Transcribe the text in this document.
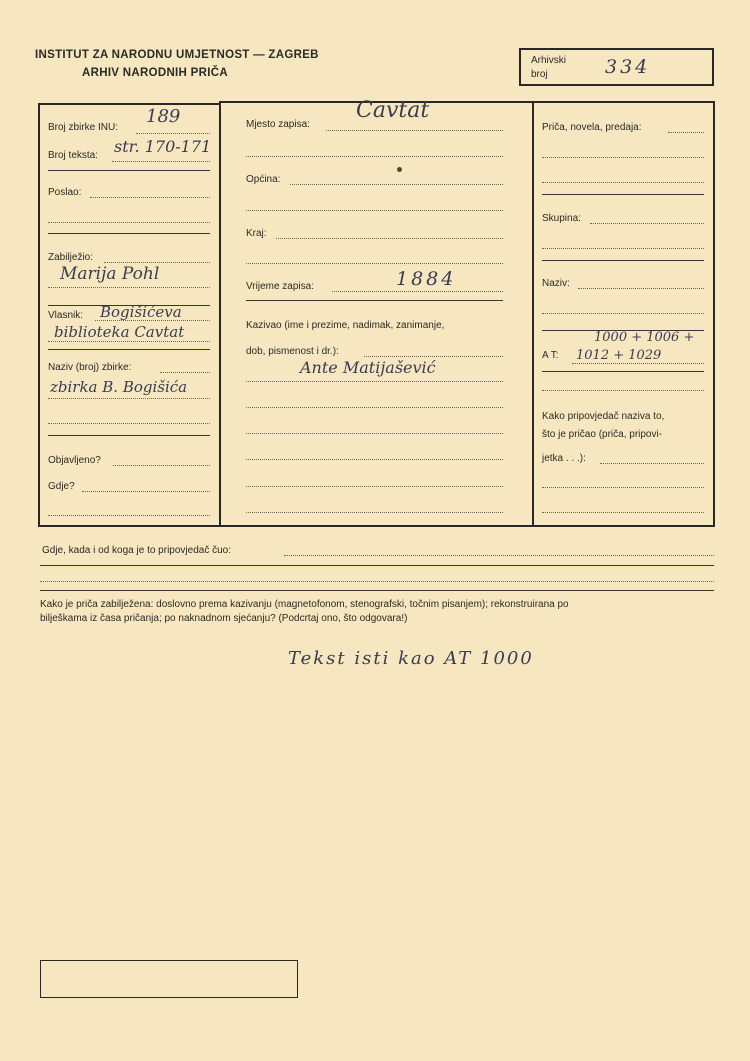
INSTITUT ZA NARODNU UMJETNOST — ZAGREB
ARHIV NARODNIH PRIČA
Arhivski
broj	334
Broj zbirke INU:
189
Broj teksta: str. 170-171
Poslao:
Zabilježio:
Marija Pohl
Vlasnik: Bogišićeva
biblioteka Cavtat
Naziv (broj) zbirke:
zbirka B. Bogišića
Objavljeno?
Gdje?
Mjesto zapisa:
Cavtat
Općina:
Kraj:
Vrijeme zapisa:	1884
Kazivao (ime i prezime, nadimak, zanimanje,
dob, pismenost i dr.):
Ante Matijašević
Priča, novela, predaja:
Skupina:
Naziv:
1000 + 1006 +
A T: 1012 + 1029
Kako pripovjedač naziva to,
što je pričao (priča, pripovi-
jetka . . .):
Gdje, kada i od koga je to pripovjedač čuo:
Kako je priča zabilježena: doslovno prema kazivanju (magnetofonom, stenografski, točnim pisanjem); rekonstruirana po
bilješkama iz časa pričanja; po naknadnom sjećanju? (Podcrtaj ono, što odgovara!)
Tekst isti kao AT 1000
